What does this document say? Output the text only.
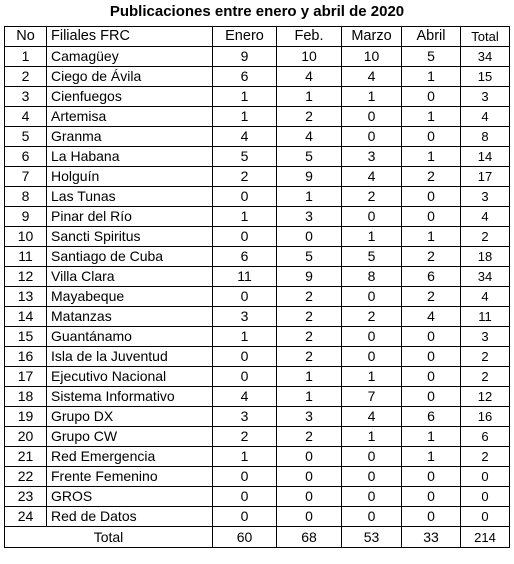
Publicaciones entre enero y abril de 2020
No	Filiales FRC	Enero	Feb.	Marzo	Abril	Total
1	Camagüey	9	10	10	5	34
2	Ciego de Ávila	6	4	4	1	15
3	Cienfuegos	1	1	1	0	3
4	Artemisa	1	2	0	1	4
5	Granma	4	4	0	0	8
6	La Habana	5	5	3	1	14
7	Holguín	2	9	4	2	17
8	Las Tunas	0	1	2	0	3
9	Pinar del Río	1	3	0	0	4
10	Sancti Spiritus	0	0	1	1	2
11	Santiago de Cuba	6	5	5	2	18
12	Villa Clara	11	9	8	6	34
13	Mayabeque	0	2	0	2	4
14	Matanzas	3	2	2	4	11
15	Guantánamo	1	2	0	0	3
16	Isla de la Juventud	0	2	0	0	2
17	Ejecutivo Nacional	0	1	1	0	2
18	Sistema Informativo	4	1	7	0	12
19	Grupo DX	3	3	4	6	16
20	Grupo CW	2	2	1	1	6
21	Red Emergencia	1	0	0	1	2
22	Frente Femenino	0	0	0	0	0
23	GROS	0	0	0	0	0
24	Red de Datos	0	0	0	0	0
Total		60	68	53	33	214
